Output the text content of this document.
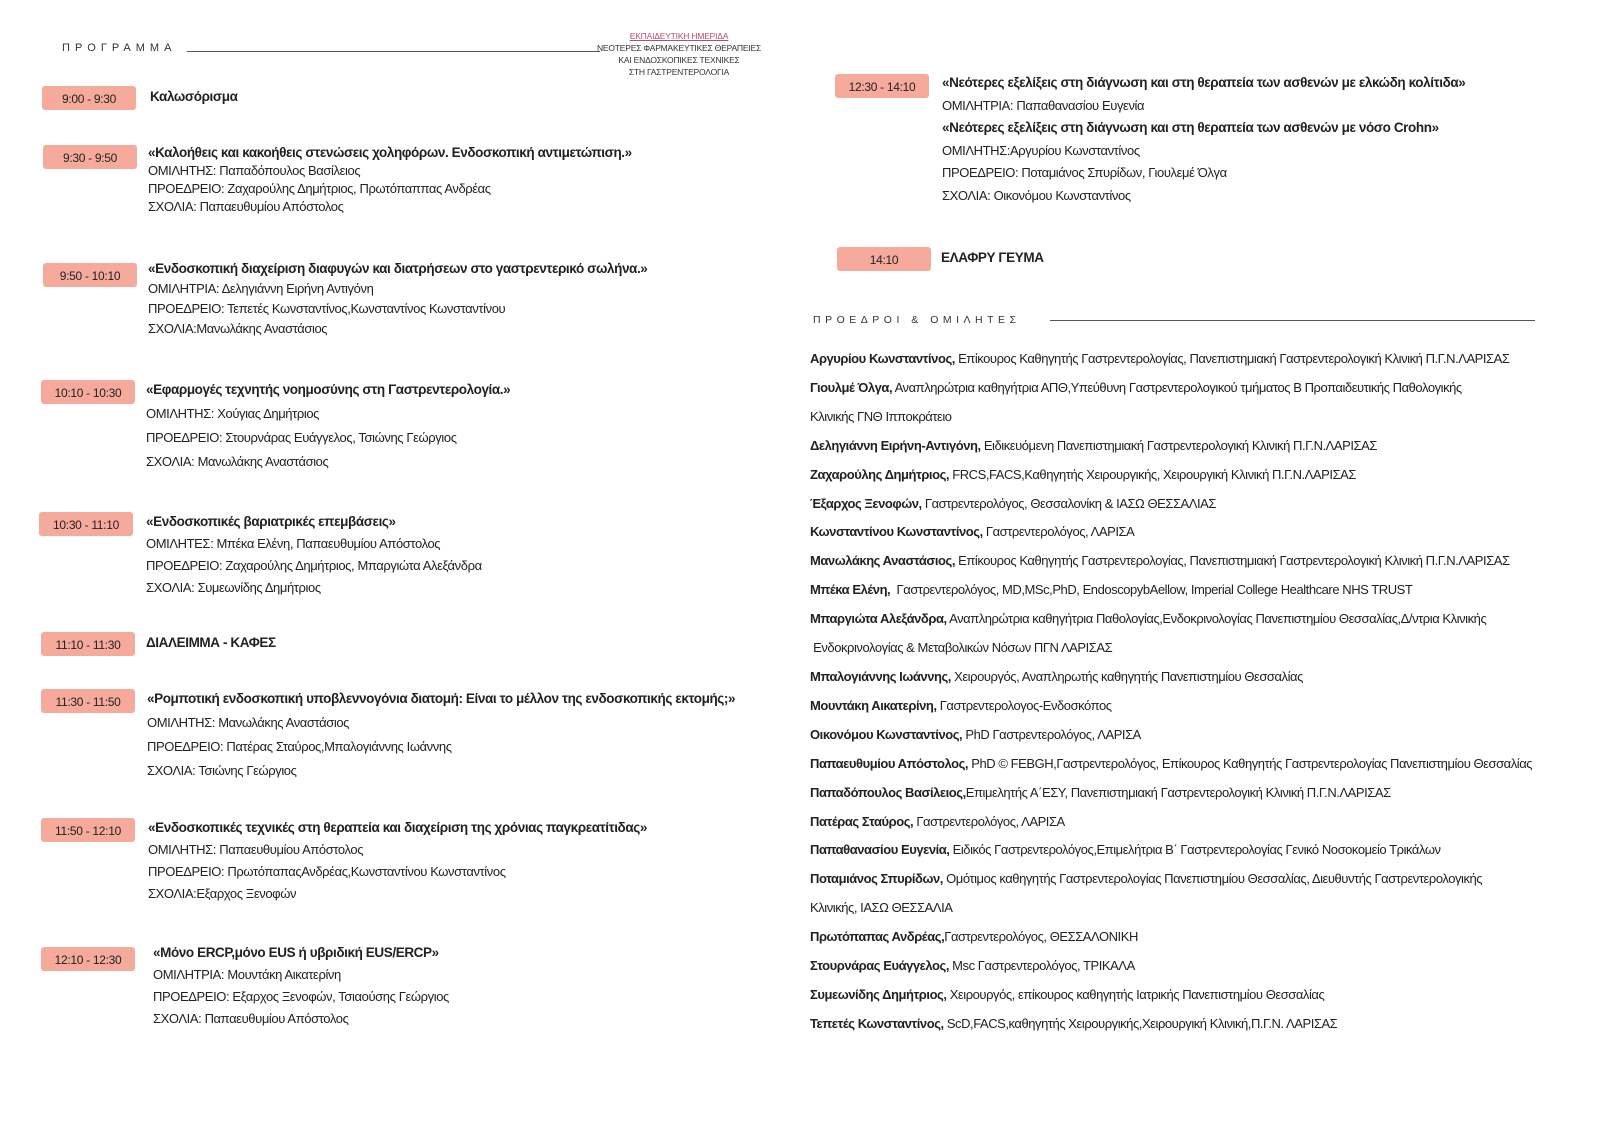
ΠΡΟΓΡΑΜΜΑ
ΕΚΠΑΙΔΕΥΤΙΚΗ ΗΜΕΡΙΔΑ
ΝΕΟΤΕΡΕΣ ΦΑΡΜΑΚΕΥΤΙΚΕΣ ΘΕΡΑΠΕΙΕΣ
ΚΑΙ ΕΝΔΟΣΚΟΠΙΚΕΣ ΤΕΧΝΙΚΕΣ
ΣΤΗ ΓΑΣΤΡΕΝΤΕΡΟΛΟΓΙΑ
9:00 - 9:30	Καλωσόρισμα
9:30 - 9:50	«Καλοήθεις και κακοήθεις στενώσεις χοληφόρων. Ενδοσκοπική αντιμετώπιση.»
ΟΜΙΛΗΤΗΣ: Παπαδόπουλος Βασίλειος
ΠΡΟΕΔΡΕΙΟ: Ζαχαρούλης Δημήτριος, Πρωτόπαππας Ανδρέας
ΣΧΟΛΙΑ: Παπαευθυμίου Απόστολος
9:50 - 10:10	«Ενδοσκοπική διαχείριση διαφυγών και διατρήσεων στο γαστρεντερικό σωλήνα.»
ΟΜΙΛΗΤΡΙΑ: Δεληγιάννη Ειρήνη Αντιγόνη
ΠΡΟΕΔΡΕΙΟ: Τεπετές Κωνσταντίνος,Κωνσταντίνος Κωνσταντίνου
ΣΧΟΛΙΑ:Μανωλάκης Αναστάσιος
10:10 - 10:30	«Εφαρμογές τεχνητής νοημοσύνης στη Γαστρεντερολογία.»
ΟΜΙΛΗΤΗΣ: Χούγιας Δημήτριος
ΠΡΟΕΔΡΕΙΟ: Στουρνάρας Ευάγγελος, Τσιώνης Γεώργιος
ΣΧΟΛΙΑ: Μανωλάκης Αναστάσιος
10:30 - 11:10	«Ενδοσκοπικές βαριατρικές επεμβάσεις»
ΟΜΙΛΗΤΕΣ: Μπέκα Ελένη, Παπαευθυμίου Απόστολος
ΠΡΟΕΔΡΕΙΟ: Ζαχαρούλης Δημήτριος, Μπαργιώτα Αλεξάνδρα
ΣΧΟΛΙΑ: Συμεωνίδης Δημήτριος
11:10 - 11:30	ΔΙΑΛΕΙΜΜΑ - ΚΑΦΕΣ
11:30 - 11:50	«Ρομποτική ενδοσκοπική υποβλεννογόνια διατομή: Είναι το μέλλον της ενδοσκοπικής εκτομής;»
ΟΜΙΛΗΤΗΣ: Μανωλάκης Αναστάσιος
ΠΡΟΕΔΡΕΙΟ: Πατέρας Σταύρος,Μπαλογιάννης Ιωάννης
ΣΧΟΛΙΑ: Τσιώνης Γεώργιος
11:50 - 12:10	«Ενδοσκοπικές τεχνικές στη θεραπεία και διαχείριση της χρόνιας παγκρεατίτιδας»
ΟΜΙΛΗΤΗΣ: Παπαευθυμίου Απόστολος
ΠΡΟΕΔΡΕΙΟ: ΠρωτόπαπαςΑνδρέας,Κωνσταντίνου Κωνσταντίνος
ΣΧΟΛΙΑ:Εξαρχος Ξενοφών
12:10 - 12:30	«Μόνο ERCP,μόνο EUS ή υβριδική EUS/ERCP»
ΟΜΙΛΗΤΡΙΑ: Μουντάκη Αικατερίνη
ΠΡΟΕΔΡΕΙΟ: Εξαρχος Ξενοφών, Τσιαούσης Γεώργιος
ΣΧΟΛΙΑ: Παπαευθυμίου Απόστολος
12:30 - 14:10	«Νεότερες εξελίξεις στη διάγνωση και στη θεραπεία των ασθενών με ελκώδη κολίτιδα»
ΟΜΙΛΗΤΡΙΑ: Παπαθανασίου Ευγενία
«Νεότερες εξελίξεις στη διάγνωση και στη θεραπεία των ασθενών με νόσο Crohn»
ΟΜΙΛΗΤΗΣ:Αργυρίου Κωνσταντίνος
ΠΡΟΕΔΡΕΙΟ: Ποταμιάνος Σπυρίδων, Γιουλεμέ Όλγα
ΣΧΟΛΙΑ: Οικονόμου Κωνσταντίνος
14:10	ΕΛΑΦΡΥ ΓΕΥΜΑ
ΠΡΟΕΔΡΟΙ & ΟΜΙΛΗΤΕΣ
Αργυρίου Κωνσταντίνος, Επίκουρος Καθηγητής Γαστρεντερολογίας, Πανεπιστημιακή Γαστρεντερολογική Κλινική Π.Γ.Ν.ΛΑΡΙΣΑΣ
Γιουλμέ Όλγα, Αναπληρώτρια καθηγήτρια ΑΠΘ,Υπεύθυνη Γαστρεντερολογικού τμήματος Β Προπαιδευτικής Παθολογικής
Κλινικής ΓΝΘ Ιπποκράτειο
Δεληγιάννη Ειρήνη-Αντιγόνη, Ειδικευόμενη Πανεπιστημιακή Γαστρεντερολογική Κλινική Π.Γ.Ν.ΛΑΡΙΣΑΣ
Ζαχαρούλης Δημήτριος, FRCS,FACS,Καθηγητής Χειρουργικής, Χειρουργική Κλινική Π.Γ.Ν.ΛΑΡΙΣΑΣ
Έξαρχος Ξενοφών, Γαστρεντερολόγος, Θεσσαλονίκη & ΙΑΣΩ ΘΕΣΣΑΛΙΑΣ
Κωνσταντίνου Κωνσταντίνος, Γαστρεντερολόγος, ΛΑΡΙΣΑ
Μανωλάκης Αναστάσιος, Επίκουρος Καθηγητής Γαστρεντερολογίας, Πανεπιστημιακή Γαστρεντερολογική Κλινική Π.Γ.Ν.ΛΑΡΙΣΑΣ
Μπέκα Ελένη,  Γαστρεντερολόγος, MD,MSc,PhD, EndoscopybAellow, Imperial College Healthcare NHS TRUST
Μπαργιώτα Αλεξάνδρα, Αναπληρώτρια καθηγήτρια Παθολογίας,Ενδοκρινολογίας Πανεπιστημίου Θεσσαλίας,Δ/ντρια Κλινικής
Ενδοκρινολογίας & Μεταβολικών Νόσων ΠΓΝ ΛΑΡΙΣΑΣ
Μπαλογιάννης Ιωάννης, Χειρουργός, Αναπληρωτής καθηγητής Πανεπιστημίου Θεσσαλίας
Μουντάκη Αικατερίνη, Γαστρεντερολογος-Ενδοσκόπος
Οικονόμου Κωνσταντίνος, PhD Γαστρεντερολόγος, ΛΑΡΙΣΑ
Παπαευθυμίου Απόστολος, PhD © FEBGH,Γαστρεντερολόγος, Επίκουρος Καθηγητής Γαστρεντερολογίας Πανεπιστημίου Θεσσαλίας
Παπαδόπουλος Βασίλειος,Επιμελητής Α΄ΕΣΥ, Πανεπιστημιακή Γαστρεντερολογική Κλινική Π.Γ.Ν.ΛΑΡΙΣΑΣ
Πατέρας Σταύρος, Γαστρεντερολόγος, ΛΑΡΙΣΑ
Παπαθανασίου Ευγενία, Ειδικός Γαστρεντερολόγος,Επιμελήτρια Β΄ Γαστρεντερολογίας Γενικό Νοσοκομείο Τρικάλων
Ποταμιάνος Σπυρίδων, Ομότιμος καθηγητής Γαστρεντερολογίας Πανεπιστημίου Θεσσαλίας, Διευθυντής Γαστρεντερολογικής
Κλινικής, ΙΑΣΩ ΘΕΣΣΑΛΙΑ
Πρωτόπαπας Ανδρέας,Γαστρεντερολόγος, ΘΕΣΣΑΛΟΝΙΚΗ
Στουρνάρας Ευάγγελος, Msc Γαστρεντερολόγος, ΤΡΙΚΑΛΑ
Συμεωνίδης Δημήτριος, Χειρουργός, επίκουρος καθηγητής Ιατρικής Πανεπιστημίου Θεσσαλίας
Τεπετές Κωνσταντίνος, ScD,FACS,καθηγητής Χειρουργικής,Χειρουργική Κλινική,Π.Γ.Ν. ΛΑΡΙΣΑΣ
